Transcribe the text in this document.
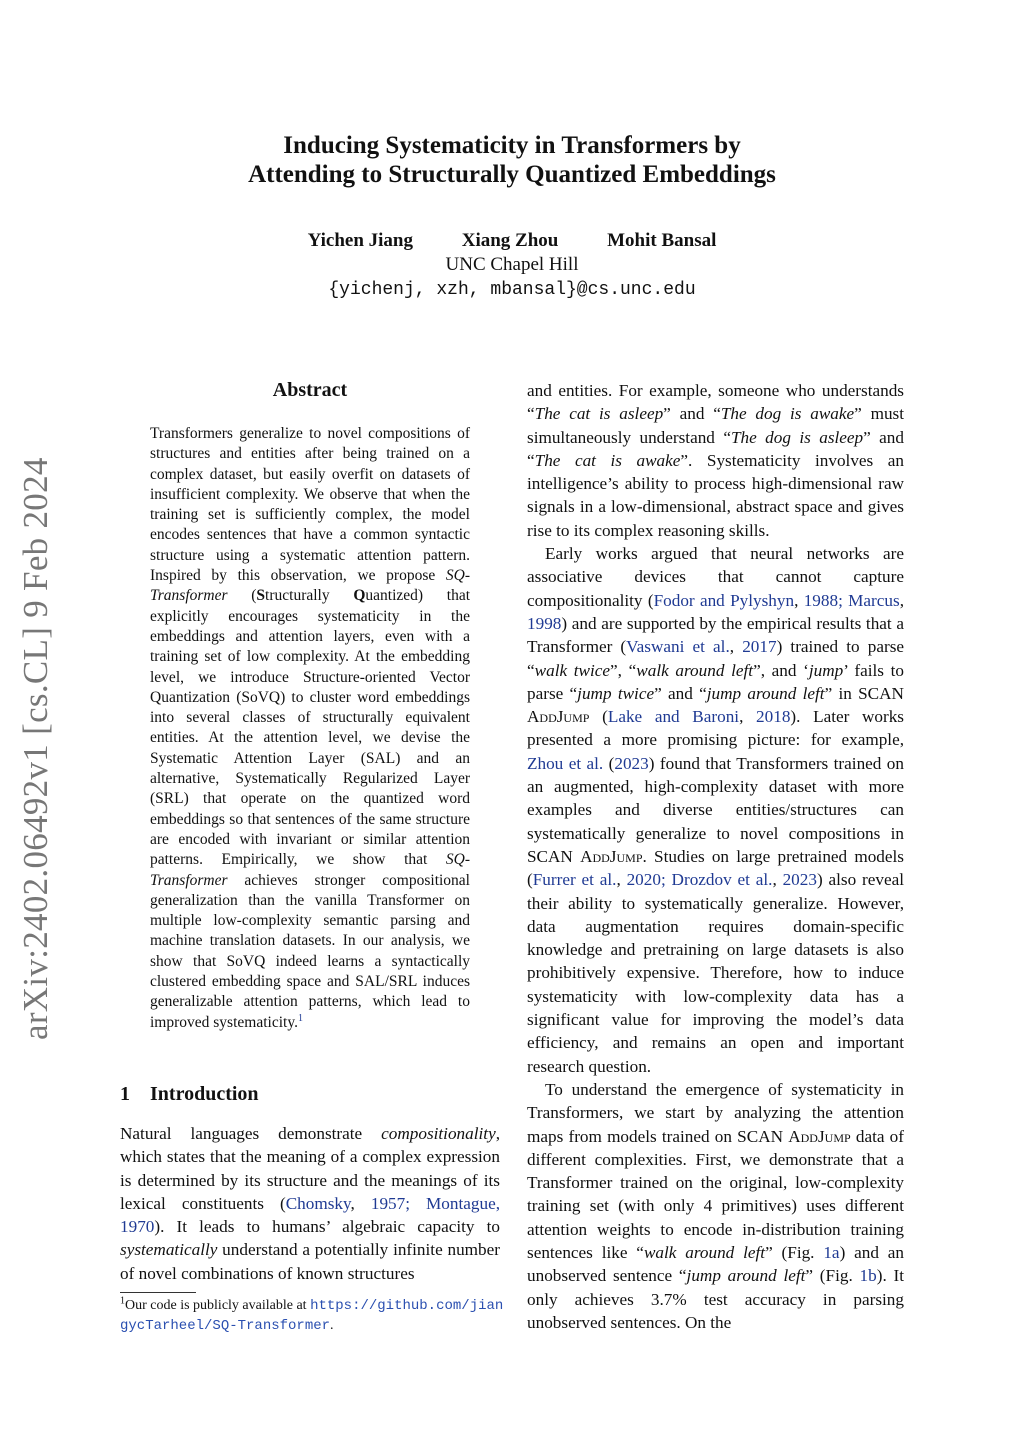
arXiv:2402.06492v1 [cs.CL] 9 Feb 2024
Inducing Systematicity in Transformers by
Attending to Structurally Quantized Embeddings
Yichen Jiang	Xiang Zhou	Mohit Bansal
UNC Chapel Hill
{yichenj, xzh, mbansal}@cs.unc.edu
Abstract
Transformers generalize to novel compositions of structures and entities after being trained on a complex dataset, but easily overfit on datasets of insufficient complexity. We observe that when the training set is sufficiently complex, the model encodes sentences that have a common syntactic structure using a systematic attention pattern. Inspired by this observation, we propose SQ-Transformer (Structurally Quantized) that explicitly encourages systematicity in the embeddings and attention layers, even with a training set of low complexity. At the embedding level, we introduce Structure-oriented Vector Quantization (SoVQ) to cluster word embeddings into several classes of structurally equivalent entities. At the attention level, we devise the Systematic Attention Layer (SAL) and an alternative, Systematically Regularized Layer (SRL) that operate on the quantized word embeddings so that sentences of the same structure are encoded with invariant or similar attention patterns. Empirically, we show that SQ-Transformer achieves stronger compositional generalization than the vanilla Transformer on multiple low-complexity semantic parsing and machine translation datasets. In our analysis, we show that SoVQ indeed learns a syntactically clustered embedding space and SAL/SRL induces generalizable attention patterns, which lead to improved systematicity.$^1$
1 Introduction
Natural languages demonstrate compositionality, which states that the meaning of a complex expression is determined by its structure and the meanings of its lexical constituents (Chomsky, 1957; Montague, 1970). It leads to humans’ algebraic capacity to systematically understand a potentially infinite number of novel combinations of known structures
$^1$Our code is publicly available at https://github.com/jiangycTarheel/SQ-Transformer.

and entities. For example, someone who understands “The cat is asleep” and “The dog is awake” must simultaneously understand “The dog is asleep” and “The cat is awake”. Systematicity involves an intelligence’s ability to process high-dimensional raw signals in a low-dimensional, abstract space and gives rise to its complex reasoning skills.

Early works argued that neural networks are associative devices that cannot capture compositionality (Fodor and Pylyshyn, 1988; Marcus, 1998) and are supported by the empirical results that a Transformer (Vaswani et al., 2017) trained to parse “walk twice”, “walk around left”, and ‘jump’ fails to parse “jump twice” and “jump around left” in SCAN AddJump (Lake and Baroni, 2018). Later works presented a more promising picture: for example, Zhou et al. (2023) found that Transformers trained on an augmented, high-complexity dataset with more examples and diverse entities/structures can systematically generalize to novel compositions in SCAN AddJump. Studies on large pretrained models (Furrer et al., 2020; Drozdov et al., 2023) also reveal their ability to systematically generalize. However, data augmentation requires domain-specific knowledge and pretraining on large datasets is also prohibitively expensive. Therefore, how to induce systematicity with low-complexity data has a significant value for improving the model’s data efficiency, and remains an open and important research question.

To understand the emergence of systematicity in Transformers, we start by analyzing the attention maps from models trained on SCAN AddJump data of different complexities. First, we demonstrate that a Transformer trained on the original, low-complexity training set (with only 4 primitives) uses different attention weights to encode in-distribution training sentences like “walk around left” (Fig. 1a) and an unobserved sentence “jump around left” (Fig. 1b). It only achieves 3.7% test accuracy in parsing unobserved sentences. On the
